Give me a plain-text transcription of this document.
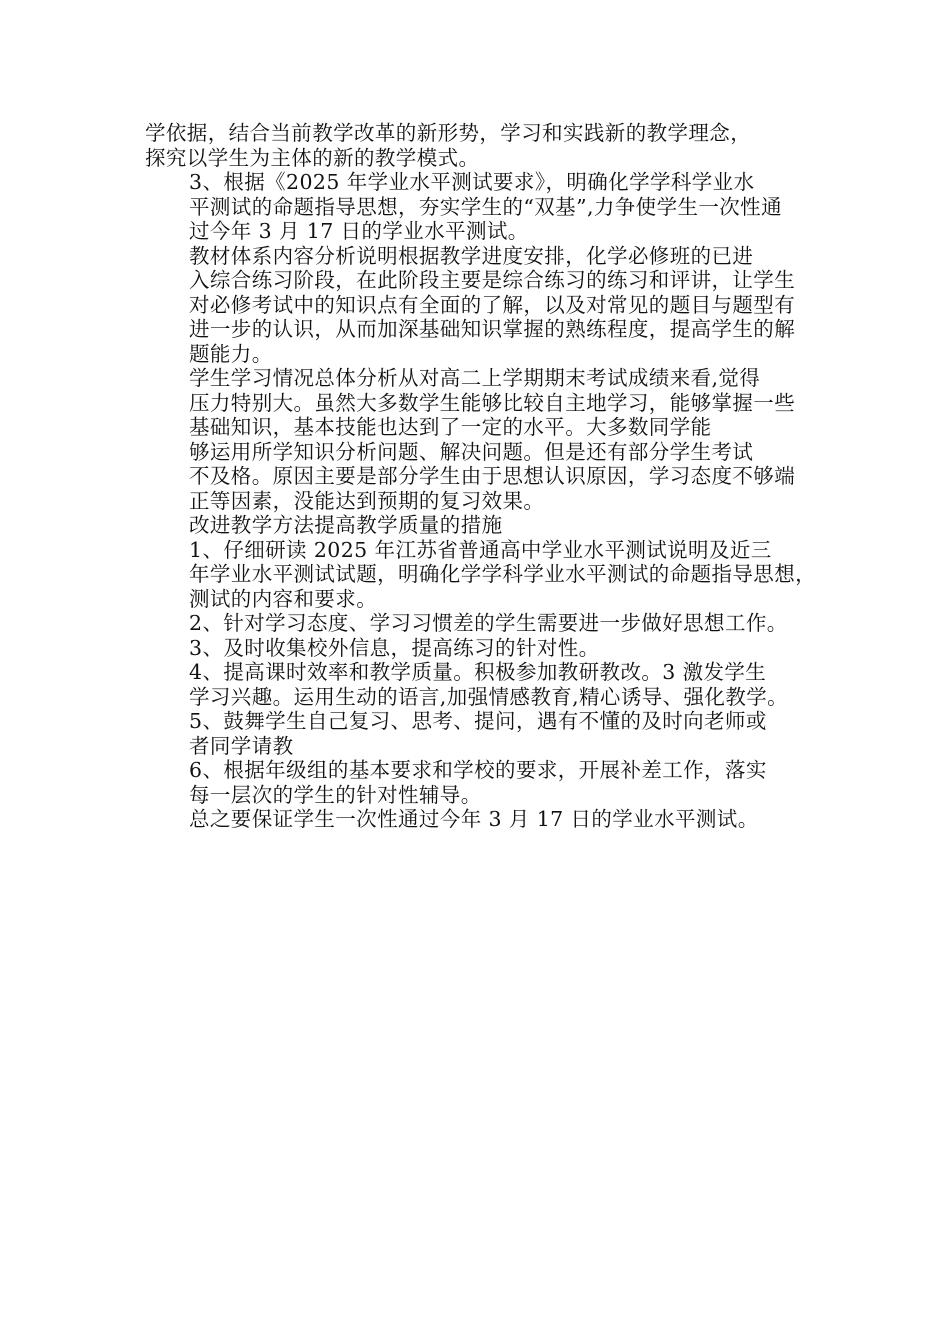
学依据，结合当前教学改革的新形势，学习和实践新的教学理念，
探究以学生为主体的新的教学模式。

3、根据《2025 年学业水平测试要求》，明确化学学科学业水
平测试的命题指导思想，夯实学生的“双基”,力争使学生一次性通
过今年 3 月 17 日的学业水平测试。

教材体系内容分析说明根据教学进度安排，化学必修班的已进
入综合练习阶段，在此阶段主要是综合练习的练习和评讲，让学生
对必修考试中的知识点有全面的了解，以及对常见的题目与题型有
进一步的认识，从而加深基础知识掌握的熟练程度，提高学生的解
题能力。

学生学习情况总体分析从对高二上学期期末考试成绩来看,觉得
压力特别大。虽然大多数学生能够比较自主地学习，能够掌握一些
基础知识，基本技能也达到了一定的水平。大多数同学能

够运用所学知识分析问题、解决问题。但是还有部分学生考试
不及格。原因主要是部分学生由于思想认识原因，学习态度不够端
正等因素，没能达到预期的复习效果。

改进教学方法提高教学质量的措施

1、仔细研读 2025 年江苏省普通高中学业水平测试说明及近三
年学业水平测试试题，明确化学学科学业水平测试的命题指导思想，
测试的内容和要求。

2、针对学习态度、学习习惯差的学生需要进一步做好思想工作。

3、及时收集校外信息，提高练习的针对性。

4、提高课时效率和教学质量。积极参加教研教改。3 激发学生
学习兴趣。运用生动的语言,加强情感教育,精心诱导、强化教学。

5、鼓舞学生自己复习、思考、提问，遇有不懂的及时向老师或
者同学请教

6、根据年级组的基本要求和学校的要求，开展补差工作，落实
每一层次的学生的针对性辅导。

总之要保证学生一次性通过今年 3 月 17 日的学业水平测试。
